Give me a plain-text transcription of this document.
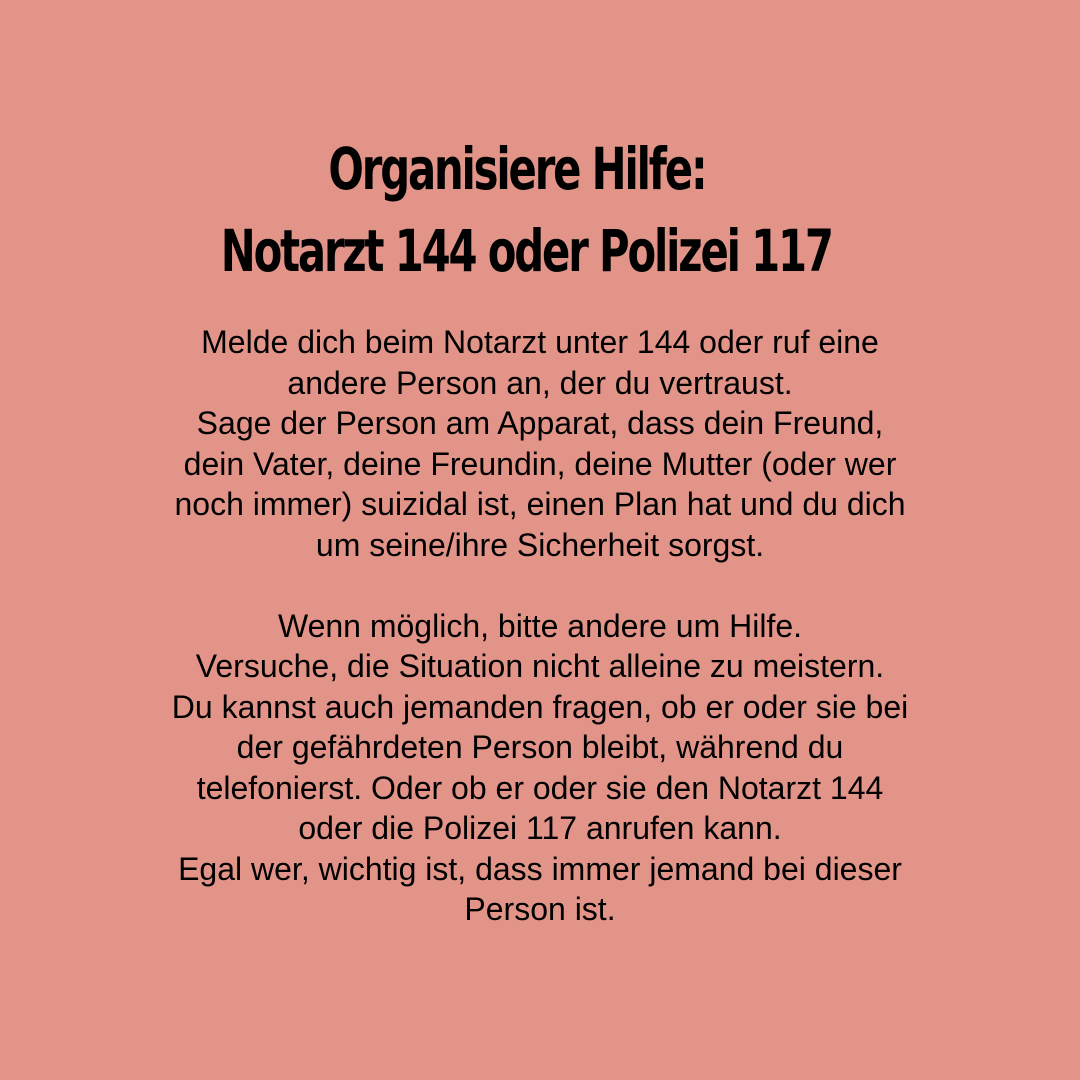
Organisiere Hilfe:
Notarzt 144 oder Polizei 117
Melde dich beim Notarzt unter 144 oder ruf eine
andere Person an, der du vertraust.
Sage der Person am Apparat, dass dein Freund,
dein Vater, deine Freundin, deine Mutter (oder wer
noch immer) suizidal ist, einen Plan hat und du dich
um seine/ihre Sicherheit sorgst.
Wenn möglich, bitte andere um Hilfe.
Versuche, die Situation nicht alleine zu meistern.
Du kannst auch jemanden fragen, ob er oder sie bei
der gefährdeten Person bleibt, während du
telefonierst. Oder ob er oder sie den Notarzt 144
oder die Polizei 117 anrufen kann.
Egal wer, wichtig ist, dass immer jemand bei dieser
Person ist.
